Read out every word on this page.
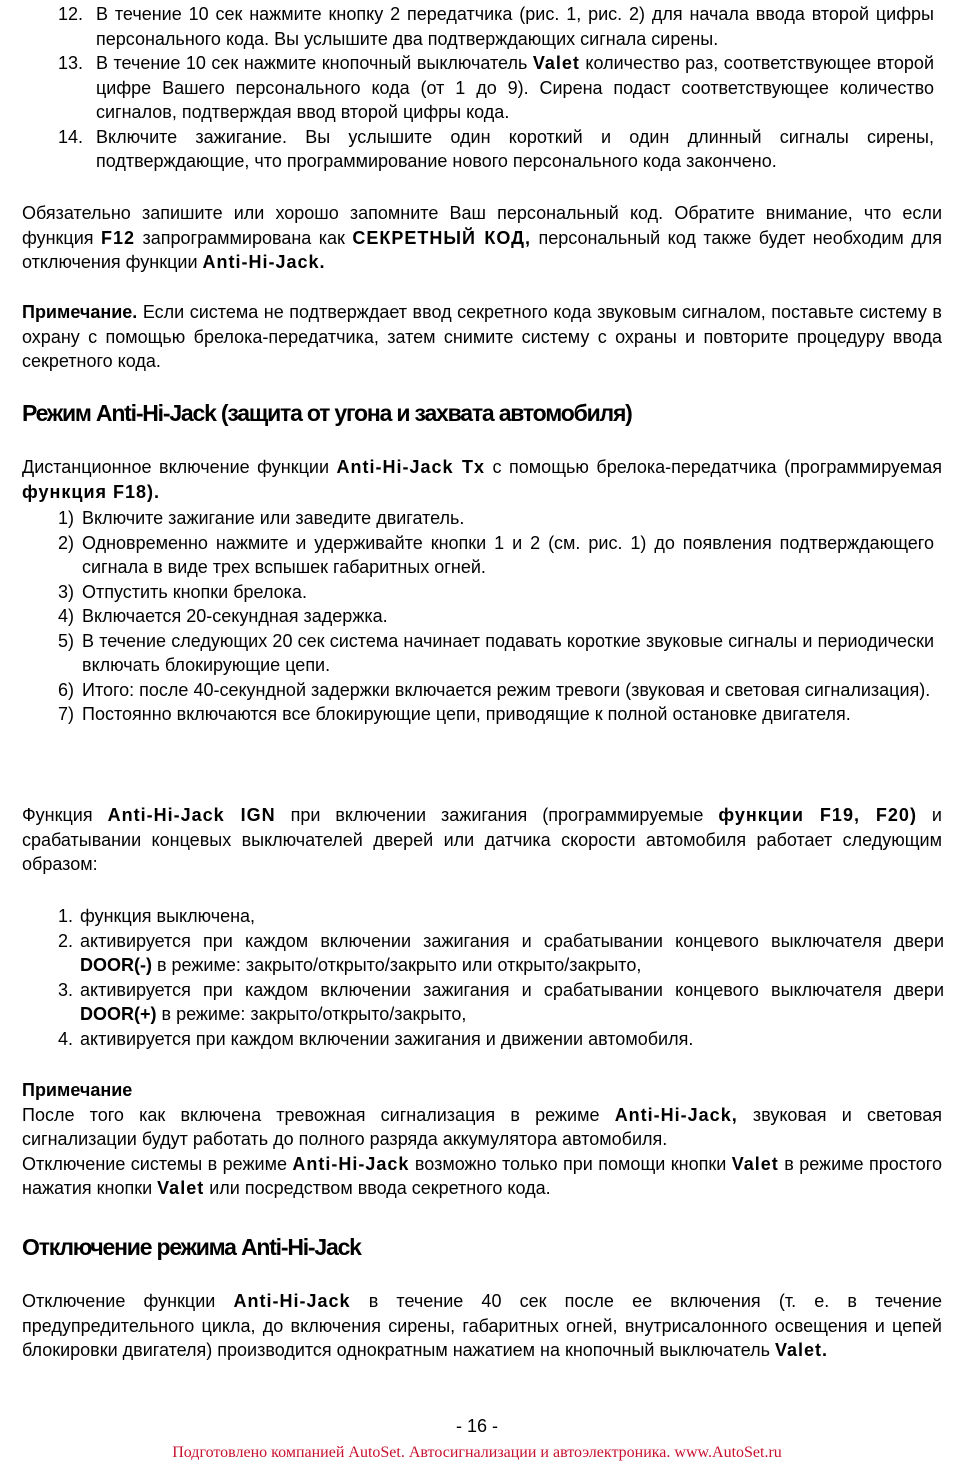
12. В течение 10 сек нажмите кнопку 2 передатчика (рис. 1, рис. 2) для начала ввода второй цифры персонального кода. Вы услышите два подтверждающих сигнала сирены.
13. В течение 10 сек нажмите кнопочный выключатель Valet количество раз, соответствующее второй цифре Вашего персонального кода (от 1 до 9). Сирена подаст соответствующее количество сигналов, подтверждая ввод второй цифры кода.
14. Включите зажигание. Вы услышите один короткий и один длинный сигналы сирены, подтверждающие, что программирование нового персонального кода закончено.

Обязательно запишите или хорошо запомните Ваш персональный код. Обратите внимание, что если функция F12 запрограммирована как СЕКРЕТНЫЙ КОД, персональный код также будет необходим для отключения функции Anti-Hi-Jack.

Примечание. Если система не подтверждает ввод секретного кода звуковым сигналом, поставьте систему в охрану с помощью брелока-передатчика, затем снимите систему с охраны и повторите процедуру ввода секретного кода.

Режим Anti-Hi-Jack (защита от угона и захвата автомобиля)

Дистанционное включение функции Anti-Hi-Jack Tx с помощью брелока-передатчика (программируемая функция F18).

1) Включите зажигание или заведите двигатель.
2) Одновременно нажмите и удерживайте кнопки 1 и 2 (см. рис. 1) до появления подтверждающего сигнала в виде трех вспышек габаритных огней.
3) Отпустить кнопки брелока.
4) Включается 20-секундная задержка.
5) В течение следующих 20 сек система начинает подавать короткие звуковые сигналы и периодически включать блокирующие цепи.
6) Итого: после 40-секундной задержки включается режим тревоги (звуковая и световая сигнализация).
7) Постоянно включаются все блокирующие цепи, приводящие к полной остановке двигателя.

Функция Anti-Hi-Jack IGN при включении зажигания (программируемые функции F19, F20) и срабатывании концевых выключателей дверей или датчика скорости автомобиля работает следующим образом:

1. функция выключена,
2. активируется при каждом включении зажигания и срабатывании концевого выключателя двери DOOR(-) в режиме: закрыто/открыто/закрыто или открыто/закрыто,
3. активируется при каждом включении зажигания и срабатывании концевого выключателя двери DOOR(+) в режиме: закрыто/открыто/закрыто,
4. активируется при каждом включении зажигания и движении автомобиля.
Примечание
После того как включена тревожная сигнализация в режиме Anti-Hi-Jack, звуковая и световая сигнализации будут работать до полного разряда аккумулятора автомобиля.
Отключение системы в режиме Anti-Hi-Jack возможно только при помощи кнопки Valet в режиме простого нажатия кнопки Valet или посредством ввода секретного кода.
Отключение режима Anti-Hi-Jack

Отключение функции Anti-Hi-Jack в течение 40 сек после ее включения (т. е. в течение предупредительного цикла, до включения сирены, габаритных огней, внутрисалонного освещения и цепей блокировки двигателя) производится однократным нажатием на кнопочный выключатель Valet.

- 16 -
Подготовлено компанией AutoSet. Автосигнализации и автоэлектроника. www.AutoSet.ru
